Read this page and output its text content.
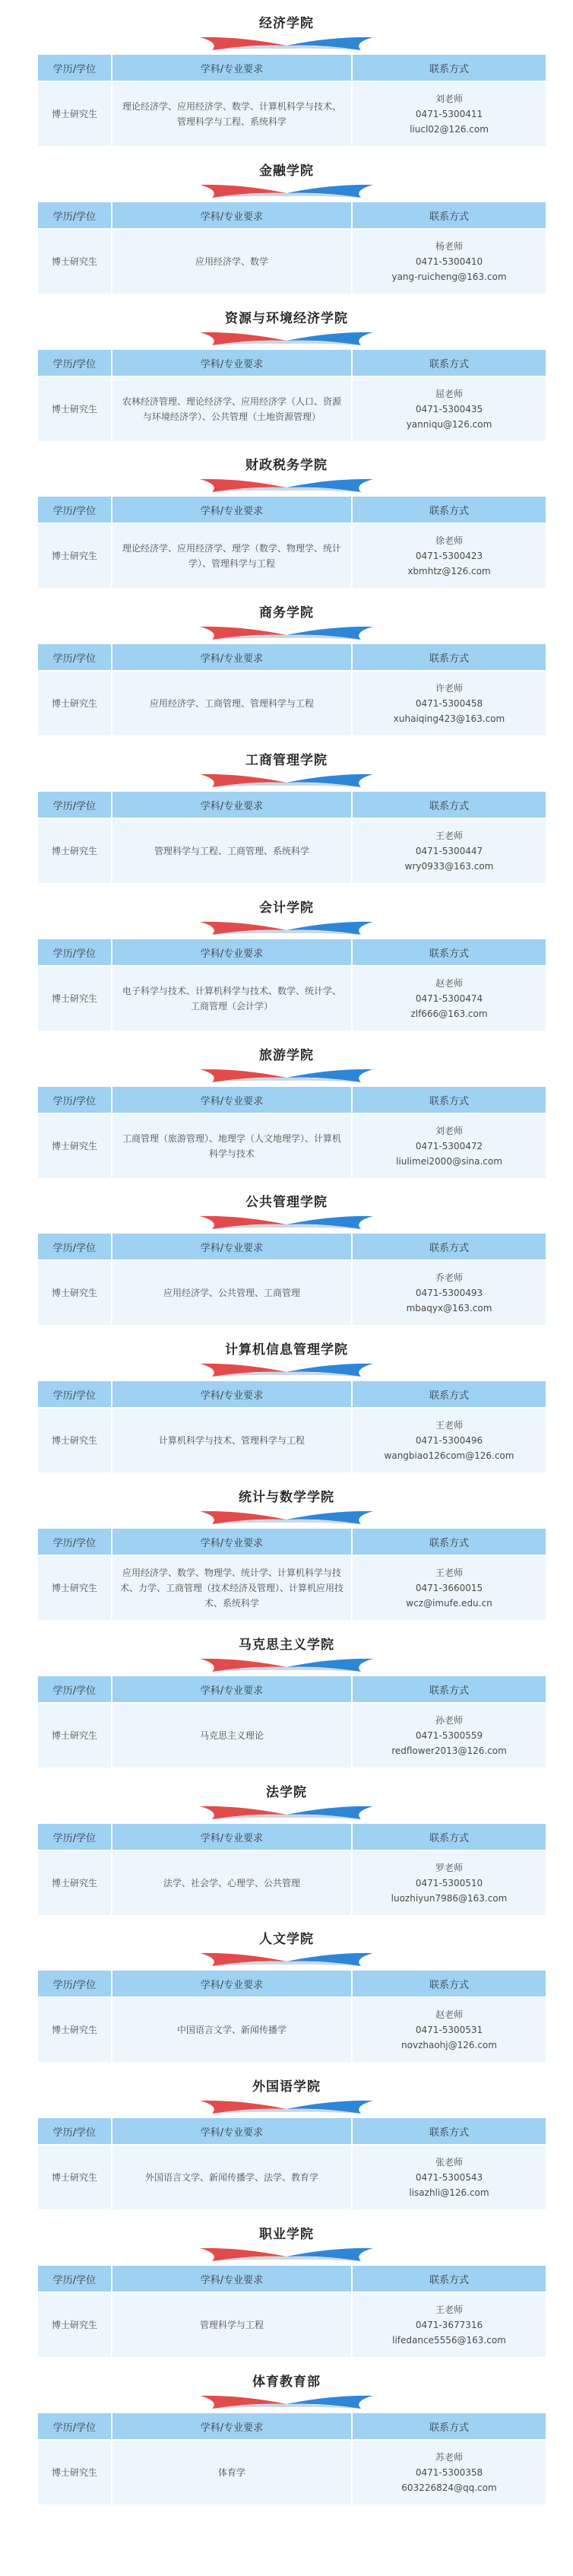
经济学院
学历/学位	学科/专业要求	联系方式
博士研究生	理论经济学、应用经济学、数学、计算机科学与技术、管理科学与工程、系统科学	刘老师
0471-5300411
liucl02@126.com
金融学院
学历/学位	学科/专业要求	联系方式
博士研究生	应用经济学、数学	杨老师
0471-5300410
yang-ruicheng@163.com
资源与环境经济学院
学历/学位	学科/专业要求	联系方式
博士研究生	农林经济管理、理论经济学、应用经济学（人口、资源与环境经济学）、公共管理（土地资源管理）	屈老师
0471-5300435
yanniqu@126.com
财政税务学院
学历/学位	学科/专业要求	联系方式
博士研究生	理论经济学、应用经济学、理学（数学、物理学、统计学）、管理科学与工程	徐老师
0471-5300423
xbmhtz@126.com
商务学院
学历/学位	学科/专业要求	联系方式
博士研究生	应用经济学、工商管理、管理科学与工程	许老师
0471-5300458
xuhaiqing423@163.com
工商管理学院
学历/学位	学科/专业要求	联系方式
博士研究生	管理科学与工程、工商管理、系统科学	王老师
0471-5300447
wry0933@163.com
会计学院
学历/学位	学科/专业要求	联系方式
博士研究生	电子科学与技术、计算机科学与技术、数学、统计学、工商管理（会计学）	赵老师
0471-5300474
zlf666@163.com
旅游学院
学历/学位	学科/专业要求	联系方式
博士研究生	工商管理（旅游管理）、地理学（人文地理学）、计算机科学与技术	刘老师
0471-5300472
liulimei2000@sina.com
公共管理学院
学历/学位	学科/专业要求	联系方式
博士研究生	应用经济学、公共管理、工商管理	乔老师
0471-5300493
mbaqyx@163.com
计算机信息管理学院
学历/学位	学科/专业要求	联系方式
博士研究生	计算机科学与技术、管理科学与工程	王老师
0471-5300496
wangbiao126com@126.com
统计与数学学院
学历/学位	学科/专业要求	联系方式
博士研究生	应用经济学、数学、物理学、统计学、计算机科学与技术、力学、工商管理（技术经济及管理）、计算机应用技术、系统科学	王老师
0471-3660015
wcz@imufe.edu.cn
马克思主义学院
学历/学位	学科/专业要求	联系方式
博士研究生	马克思主义理论	孙老师
0471-5300559
redflower2013@126.com
法学院
学历/学位	学科/专业要求	联系方式
博士研究生	法学、社会学、心理学、公共管理	罗老师
0471-5300510
luozhiyun7986@163.com
人文学院
学历/学位	学科/专业要求	联系方式
博士研究生	中国语言文学、新闻传播学	赵老师
0471-5300531
novzhaohj@126.com
外国语学院
学历/学位	学科/专业要求	联系方式
博士研究生	外国语言文学、新闻传播学、法学、教育学	张老师
0471-5300543
lisazhli@126.com
职业学院
学历/学位	学科/专业要求	联系方式
博士研究生	管理科学与工程	王老师
0471-3677316
lifedance5556@163.com
体育教育部
学历/学位	学科/专业要求	联系方式
博士研究生	体育学	苏老师
0471-5300358
603226824@qq.com
